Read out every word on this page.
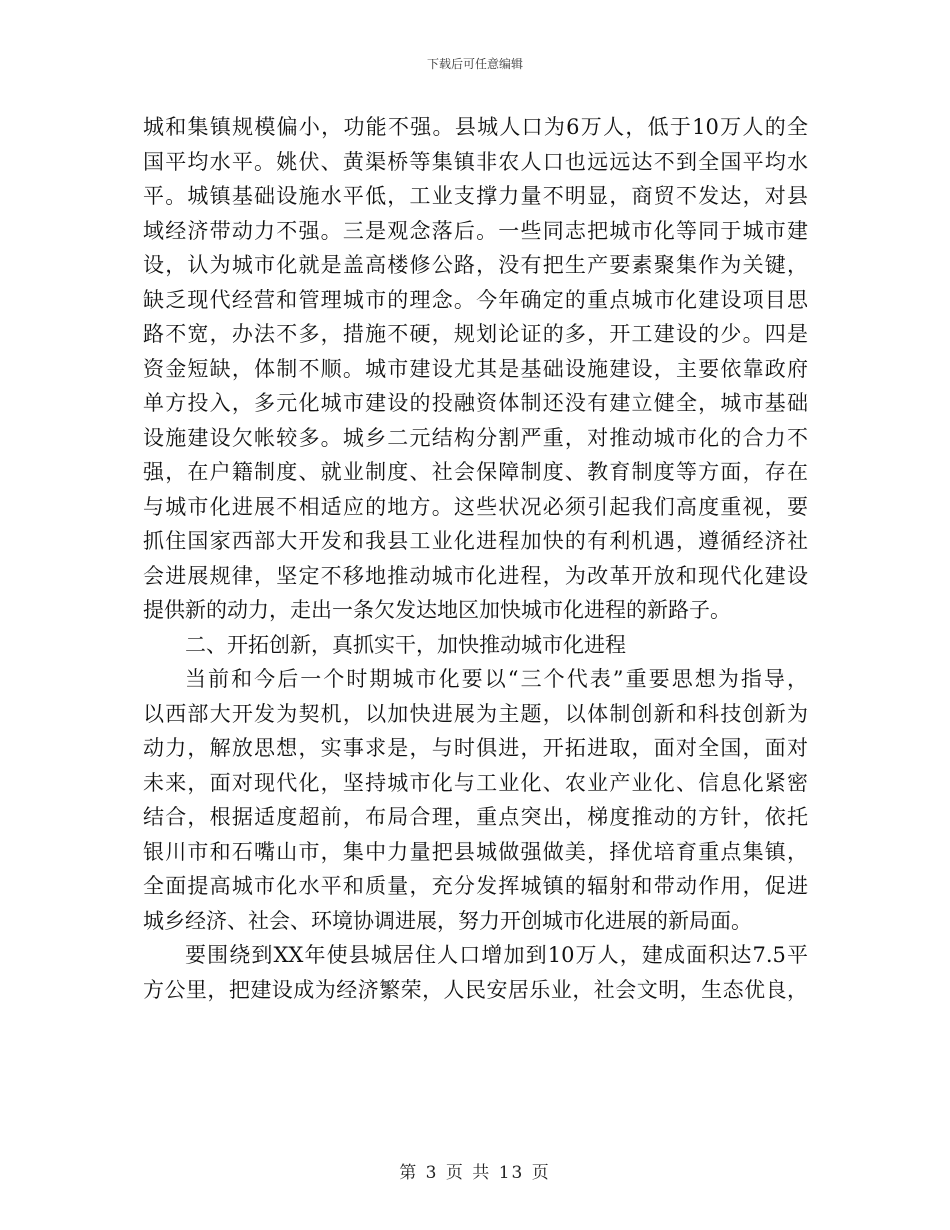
下载后可任意编辑
城和集镇规模偏小，功能不强。县城人口为6万人，低于10万人的全
国平均水平。姚伏、黄渠桥等集镇非农人口也远远达不到全国平均水
平。城镇基础设施水平低，工业支撑力量不明显，商贸不发达，对县
域经济带动力不强。三是观念落后。一些同志把城市化等同于城市建
设，认为城市化就是盖高楼修公路，没有把生产要素聚集作为关键，
缺乏现代经营和管理城市的理念。今年确定的重点城市化建设项目思
路不宽，办法不多，措施不硬，规划论证的多，开工建设的少。四是
资金短缺，体制不顺。城市建设尤其是基础设施建设，主要依靠政府
单方投入，多元化城市建设的投融资体制还没有建立健全，城市基础
设施建设欠帐较多。城乡二元结构分割严重，对推动城市化的合力不
强，在户籍制度、就业制度、社会保障制度、教育制度等方面，存在
与城市化进展不相适应的地方。这些状况必须引起我们高度重视，要
抓住国家西部大开发和我县工业化进程加快的有利机遇，遵循经济社
会进展规律，坚定不移地推动城市化进程，为改革开放和现代化建设
提供新的动力，走出一条欠发达地区加快城市化进程的新路子。
二、开拓创新，真抓实干，加快推动城市化进程
当前和今后一个时期城市化要以“三个代表”重要思想为指导，
以西部大开发为契机，以加快进展为主题，以体制创新和科技创新为
动力，解放思想，实事求是，与时俱进，开拓进取，面对全国，面对
未来，面对现代化，坚持城市化与工业化、农业产业化、信息化紧密
结合，根据适度超前，布局合理，重点突出，梯度推动的方针，依托
银川市和石嘴山市，集中力量把县城做强做美，择优培育重点集镇，
全面提高城市化水平和质量，充分发挥城镇的辐射和带动作用，促进
城乡经济、社会、环境协调进展，努力开创城市化进展的新局面。
要围绕到XX年使县城居住人口增加到10万人，建成面积达7.5平
方公里，把建设成为经济繁荣，人民安居乐业，社会文明，生态优良，
第 3 页 共 13 页
